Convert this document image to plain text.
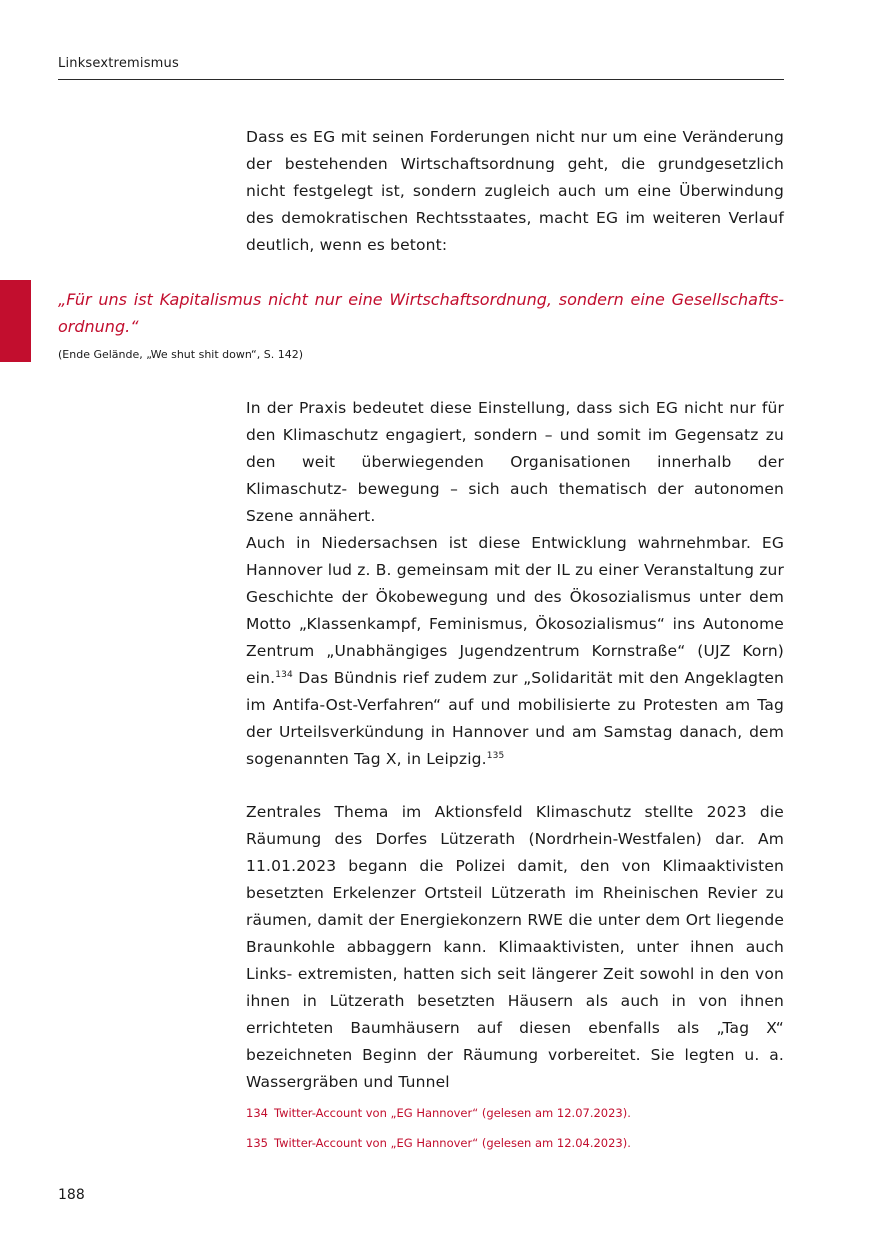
Linksextremismus

Dass es EG mit seinen Forderungen nicht nur um eine Veränderung der bestehenden Wirtschaftsordnung geht, die grundgesetzlich nicht festgelegt ist, sondern zugleich auch um eine Überwindung des demokratischen Rechtsstaates, macht EG im weiteren Verlauf deutlich, wenn es betont:

„Für uns ist Kapitalismus nicht nur eine Wirtschaftsordnung, sondern eine Gesellschafts- ordnung.“

(Ende Gelände, „We shut shit down“, S. 142)

In der Praxis bedeutet diese Einstellung, dass sich EG nicht nur für den Klimaschutz engagiert, sondern – und somit im Gegensatz zu den weit überwiegenden Organisationen innerhalb der Klimaschutz- bewegung – sich auch thematisch der autonomen Szene annähert.

Auch in Niedersachsen ist diese Entwicklung wahrnehmbar. EG Hannover lud z. B. gemeinsam mit der IL zu einer Veranstaltung zur Geschichte der Ökobewegung und des Ökosozialismus unter dem Motto „Klassenkampf, Feminismus, Ökosozialismus“ ins Autonome Zentrum „Unabhängiges Jugendzentrum Kornstraße“ (UJZ Korn) ein.$^{134}$ Das Bündnis rief zudem zur „Solidarität mit den Angeklagten im Antifa-Ost-Verfahren“ auf und mobilisierte zu Protesten am Tag der Urteilsverkündung in Hannover und am Samstag danach, dem sogenannten Tag X, in Leipzig.$^{135}$

Zentrales Thema im Aktionsfeld Klimaschutz stellte 2023 die Räumung des Dorfes Lützerath (Nordrhein-Westfalen) dar. Am 11.01.2023 begann die Polizei damit, den von Klimaaktivisten besetzten Erkelenzer Ortsteil Lützerath im Rheinischen Revier zu räumen, damit der Energiekonzern RWE die unter dem Ort liegende Braunkohle abbaggern kann. Klimaaktivisten, unter ihnen auch Links- extremisten, hatten sich seit längerer Zeit sowohl in den von ihnen in Lützerath besetzten Häusern als auch in von ihnen errichteten Baumhäusern auf diesen ebenfalls als „Tag X“ bezeichneten Beginn der Räumung vorbereitet. Sie legten u. a. Wassergräben und Tunnel

134 Twitter-Account von „EG Hannover“ (gelesen am 12.07.2023).
135 Twitter-Account von „EG Hannover“ (gelesen am 12.04.2023).
188
